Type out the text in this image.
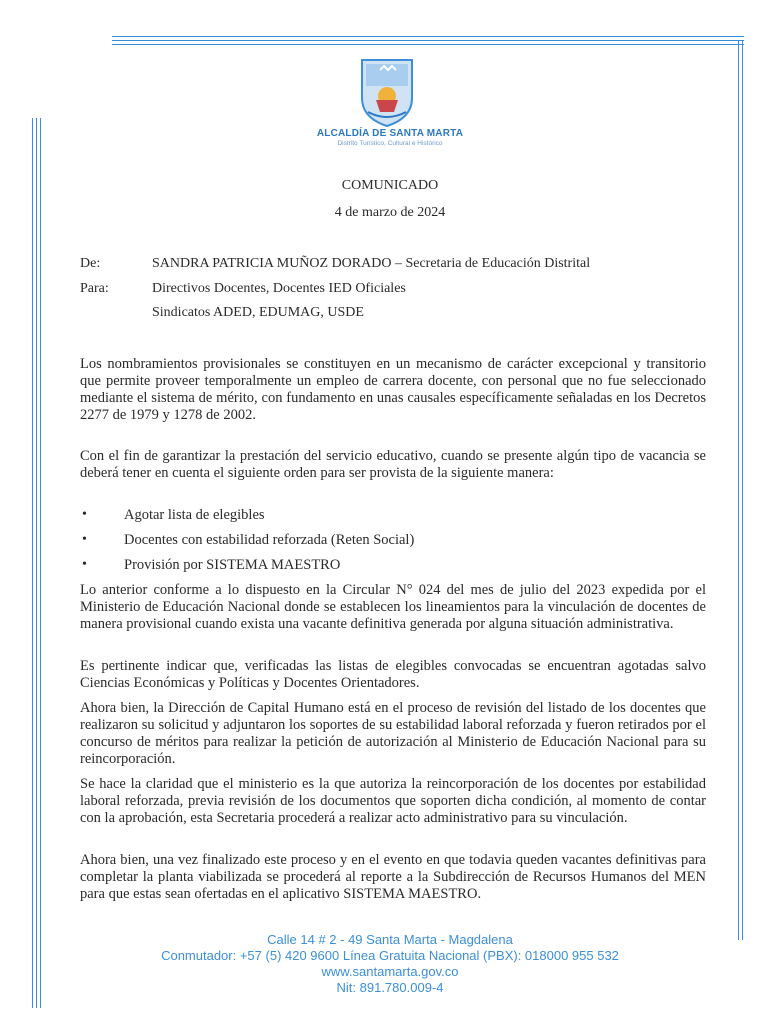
ALCALDÍA DE SANTA MARTA
Distrito Turístico, Cultural e Histórico
COMUNICADO
4 de marzo de 2024
De:	SANDRA PATRICIA MUÑOZ DORADO – Secretaria de Educación Distrital
Para:	Directivos Docentes, Docentes IED Oficiales
Sindicatos ADED, EDUMAG, USDE

Los nombramientos provisionales se constituyen en un mecanismo de carácter excepcional y transitorio que permite proveer temporalmente un empleo de carrera docente, con personal que no fue seleccionado mediante el sistema de mérito, con fundamento en unas causales específicamente señaladas en los Decretos 2277 de 1979 y 1278 de 2002.

Con el fin de garantizar la prestación del servicio educativo, cuando se presente algún tipo de vacancia se deberá tener en cuenta el siguiente orden para ser provista de la siguiente manera:

•	Agotar lista de elegibles
•	Docentes con estabilidad reforzada (Reten Social)
•	Provisión por SISTEMA MAESTRO

Lo anterior conforme a lo dispuesto en la Circular N° 024 del mes de julio del 2023 expedida por el Ministerio de Educación Nacional donde se establecen los lineamientos para la vinculación de docentes de manera provisional cuando exista una vacante definitiva generada por alguna situación administrativa.

Es pertinente indicar que, verificadas las listas de elegibles convocadas se encuentran agotadas salvo Ciencias Económicas y Políticas y Docentes Orientadores.

Ahora bien, la Dirección de Capital Humano está en el proceso de revisión del listado de los docentes que realizaron su solicitud y adjuntaron los soportes de su estabilidad laboral reforzada y fueron retirados por el concurso de méritos para realizar la petición de autorización al Ministerio de Educación Nacional para su reincorporación.

Se hace la claridad que el ministerio es la que autoriza la reincorporación de los docentes por estabilidad laboral reforzada, previa revisión de los documentos que soporten dicha condición, al momento de contar con la aprobación, esta Secretaria procederá a realizar acto administrativo para su vinculación.

Ahora bien, una vez finalizado este proceso y en el evento en que todavia queden vacantes definitivas para completar la planta viabilizada se procederá al reporte a la Subdirección de Recursos Humanos del MEN para que estas sean ofertadas en el aplicativo SISTEMA MAESTRO.

Calle 14 # 2 - 49 Santa Marta - Magdalena
Conmutador: +57 (5) 420 9600 Línea Gratuita Nacional (PBX): 018000 955 532
www.santamarta.gov.co
Nit: 891.780.009-4
